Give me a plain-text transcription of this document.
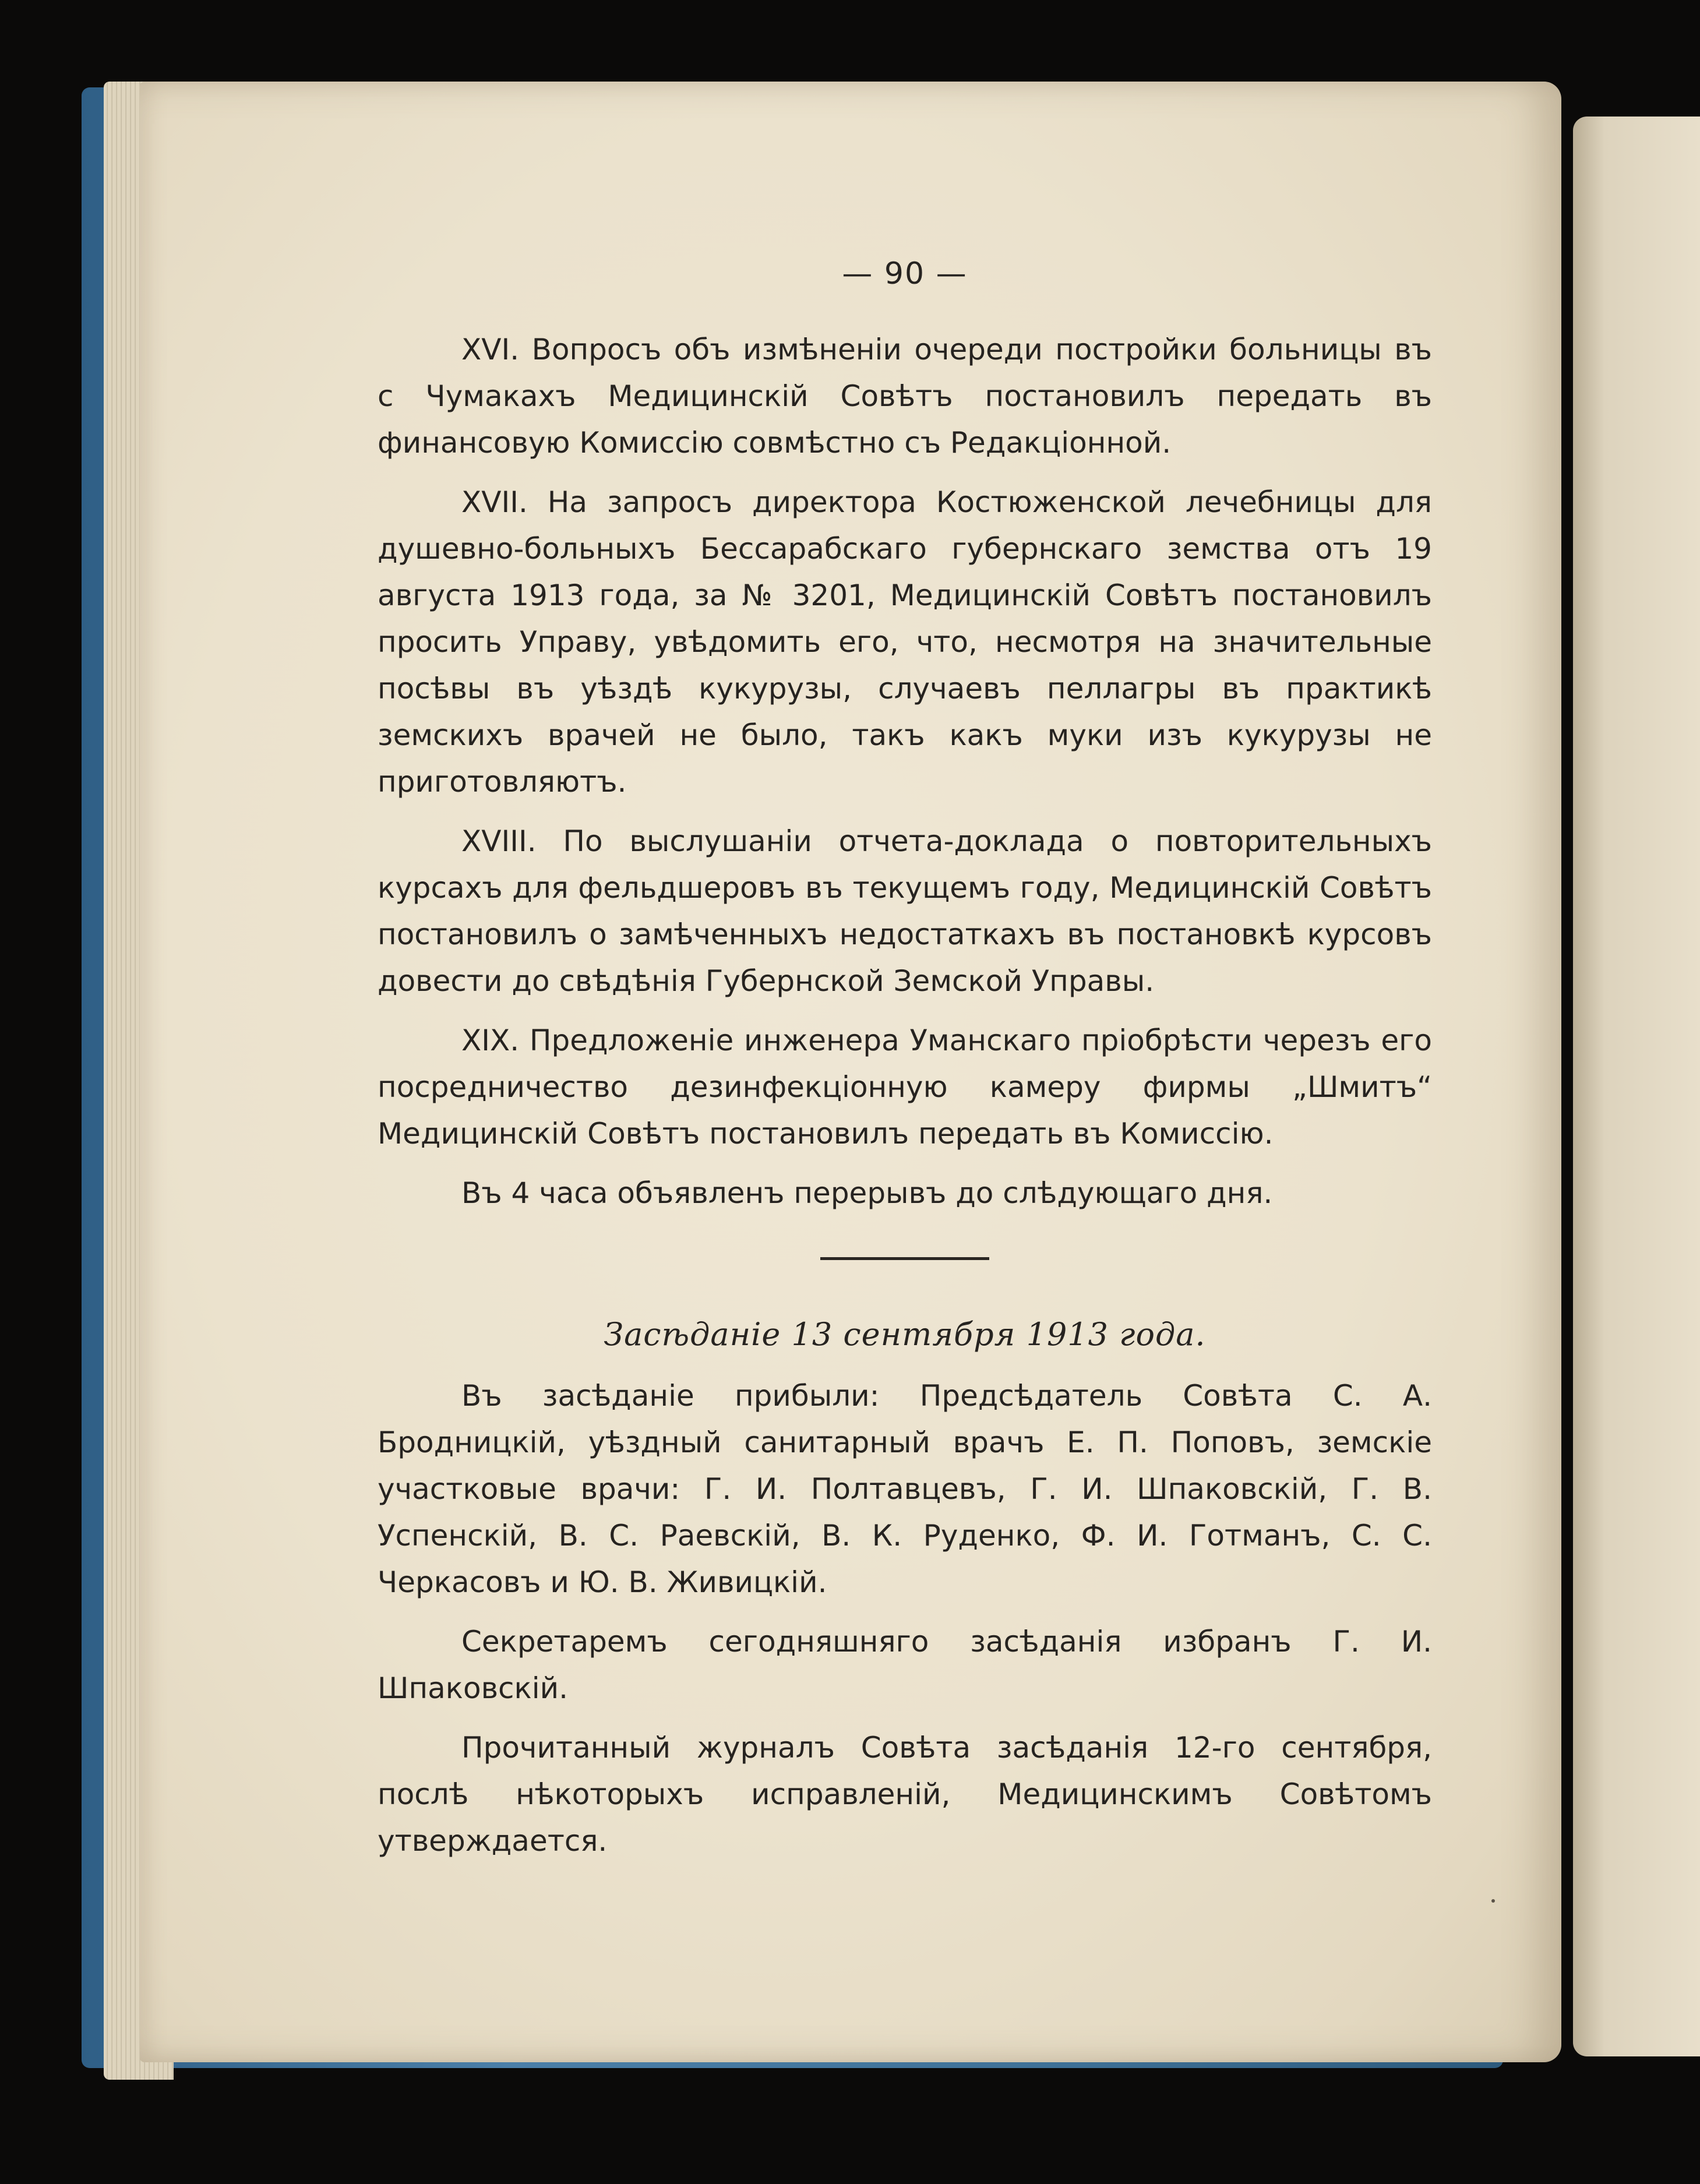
— 90 —

XVI. Вопросъ объ измѣненіи очереди постройки больницы въ с Чумакахъ Медицинскій Совѣтъ постановилъ передать въ финансовую Комиссію совмѣстно съ Редакціонной.

XVII. На запросъ директора Костюженской лечебницы для душевно-больныхъ Бессарабскаго губернскаго земства отъ 19 августа 1913 года, за № 3201, Медицинскій Совѣтъ постановилъ просить Управу, увѣдомить его, что, несмотря на значительные посѣвы въ уѣздѣ кукурузы, случаевъ пеллагры въ практикѣ земскихъ врачей не было, такъ какъ муки изъ кукурузы не приготовляютъ.

XVIII. По выслушаніи отчета-доклада о повторительныхъ курсахъ для фельдшеровъ въ текущемъ году, Медицинскій Совѣтъ постановилъ о замѣченныхъ недостаткахъ въ постановкѣ курсовъ довести до свѣдѣнія Губернской Земской Управы.

XIX. Предложеніе инженера Уманскаго пріобрѣсти черезъ его посредничество дезинфекціонную камеру фирмы „Шмитъ“ Медицинскій Совѣтъ постановилъ передать въ Комиссію.

Въ 4 часа объявленъ перерывъ до слѣдующаго дня.

Засѣданіе 13 сентября 1913 года.

Въ засѣданіе прибыли: Предсѣдатель Совѣта С. А. Бродницкій, уѣздный санитарный врачъ Е. П. Поповъ, земскіе участковые врачи: Г. И. Полтавцевъ, Г. И. Шпаковскій, Г. В. Успенскій, В. С. Раевскій, В. К. Руденко, Ф. И. Готманъ, С. С. Черкасовъ и Ю. В. Живицкій.

Секретаремъ сегодняшняго засѣданія избранъ Г. И. Шпаковскій.

Прочитанный журналъ Совѣта засѣданія 12-го сентября, послѣ нѣкоторыхъ исправленій, Медицинскимъ Совѣтомъ утверждается.
